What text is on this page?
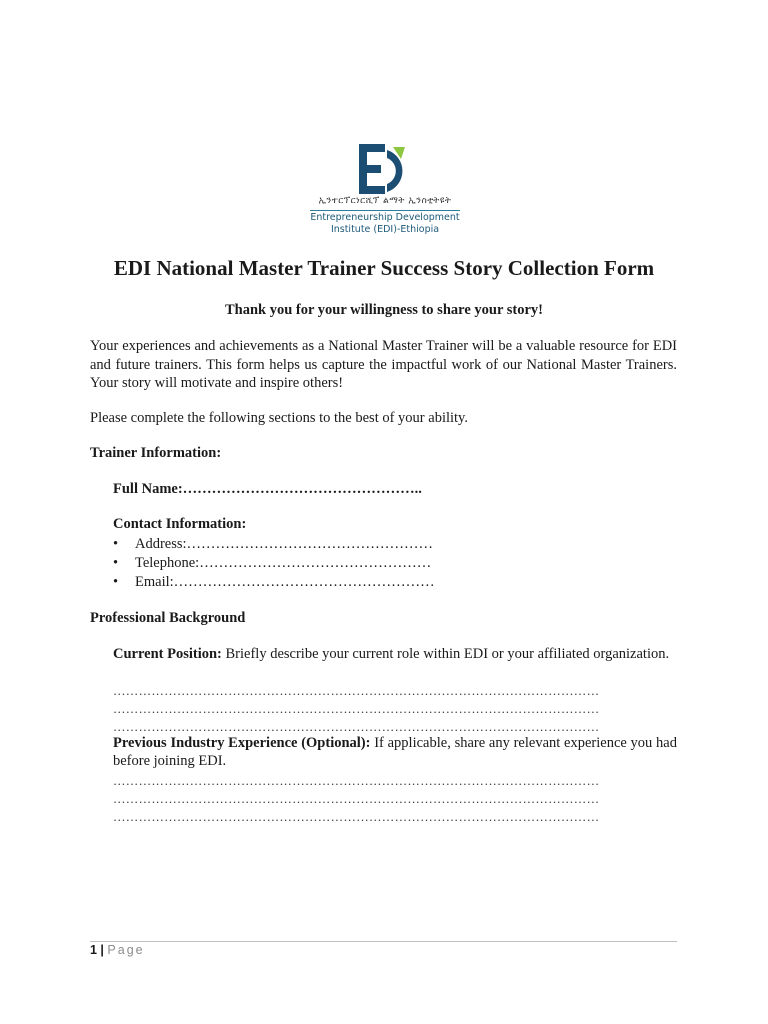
ኢንተርፕርነርሺፕ ልማት ኢንስቲትዩት
Entrepreneurship Development
Institute (EDI)-Ethiopia
EDI National Master Trainer Success Story Collection Form
Thank you for your willingness to share your story!
Your experiences and achievements as a National Master Trainer will be a valuable resource for EDI and future trainers. This form helps us capture the impactful work of our National Master Trainers. Your story will motivate and inspire others!
Please complete the following sections to the best of your ability.
Trainer Information:
Full Name:…………………………………………..
Contact Information:
• Address:……………………………………………
• Telephone:…………………………………………
• Email:………………………………………………
Professional Background
Current Position: Briefly describe your current role within EDI or your affiliated organization.
……………………………………………………………………………………………………
……………………………………………………………………………………………………
……………………………………………………………………………………………………
Previous Industry Experience (Optional): If applicable, share any relevant experience you had before joining EDI.
……………………………………………………………………………………………………
……………………………………………………………………………………………………
……………………………………………………………………………………………………
1 | Page
